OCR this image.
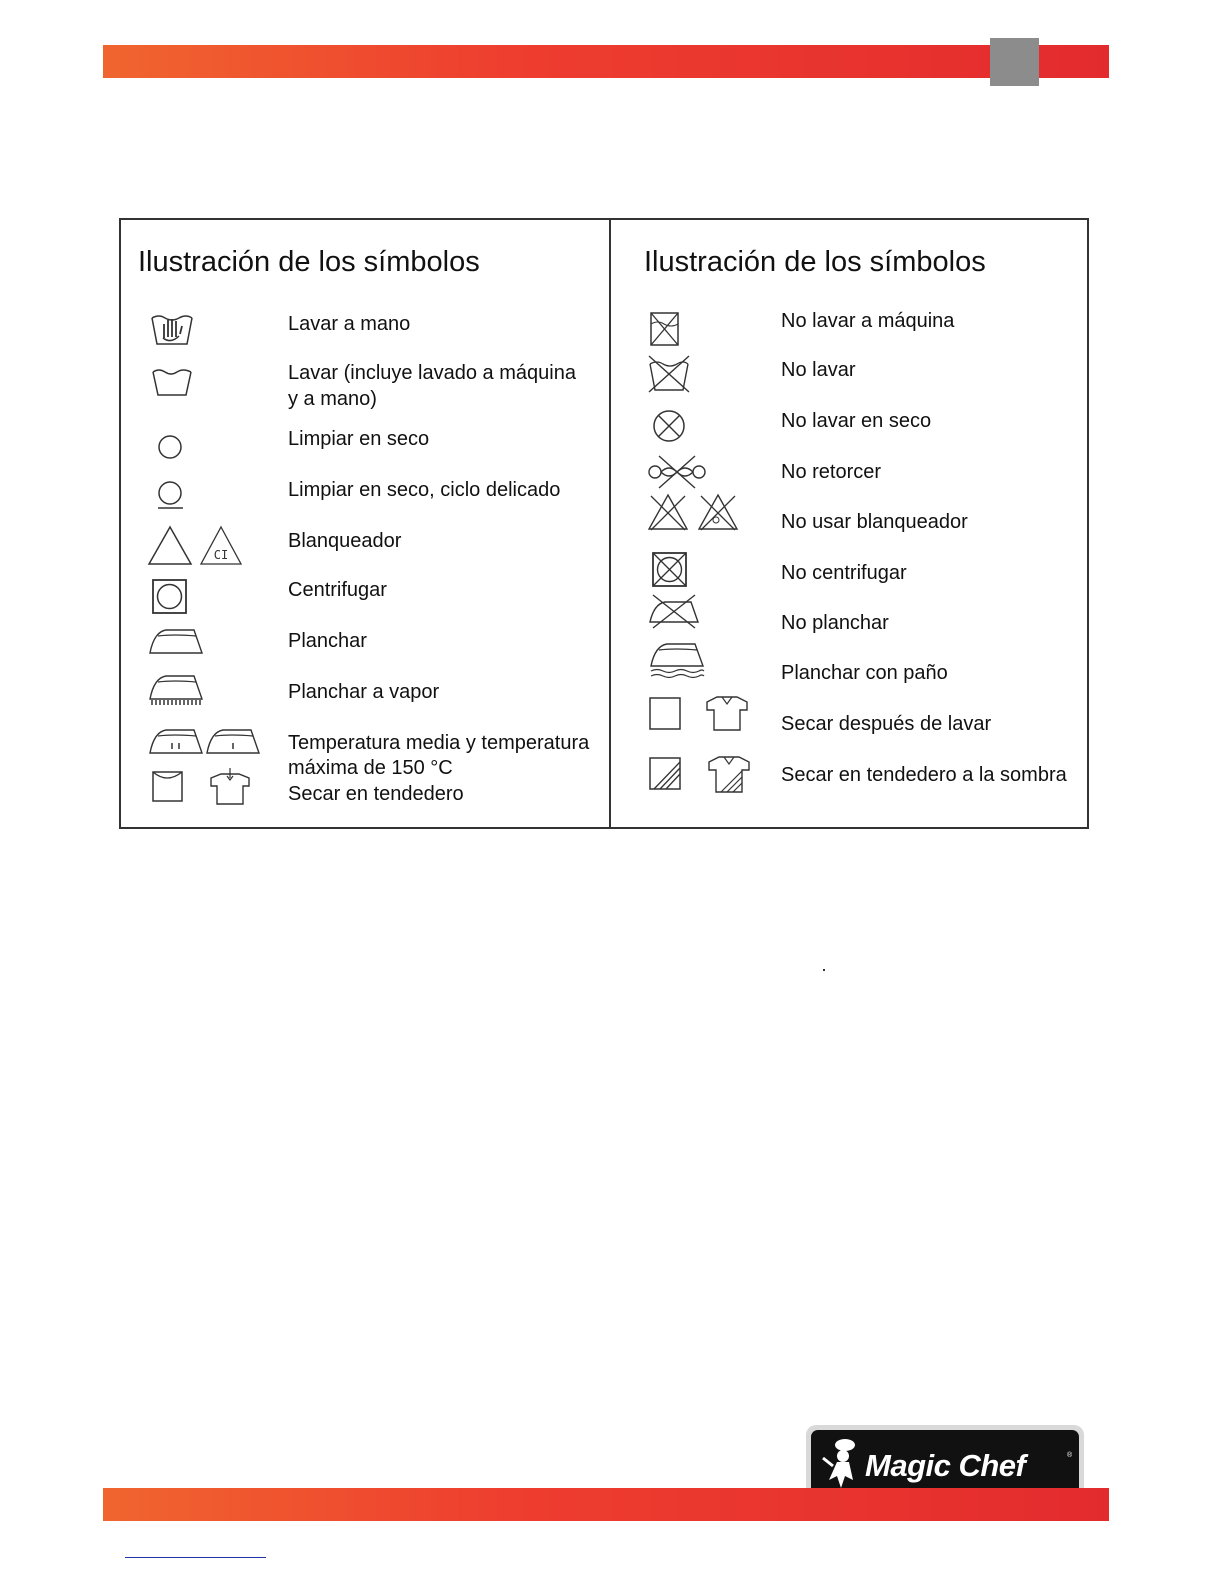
Ilustración de los símbolos
Lavar a mano
Lavar (incluye lavado a máquina
y a mano)
Limpiar en seco
Limpiar en seco, ciclo delicado
CI
Blanqueador
Centrifugar
Planchar
Planchar a vapor
Temperatura media y temperatura
máxima de 150 °C
Secar en tendedero
Ilustración de los símbolos
No lavar a máquina
No lavar
No lavar en seco
No retorcer
No usar blanqueador
No centrifugar
No planchar
Planchar con paño
Secar después de lavar
Secar en tendedero a la sombra
Magic Chef	®
